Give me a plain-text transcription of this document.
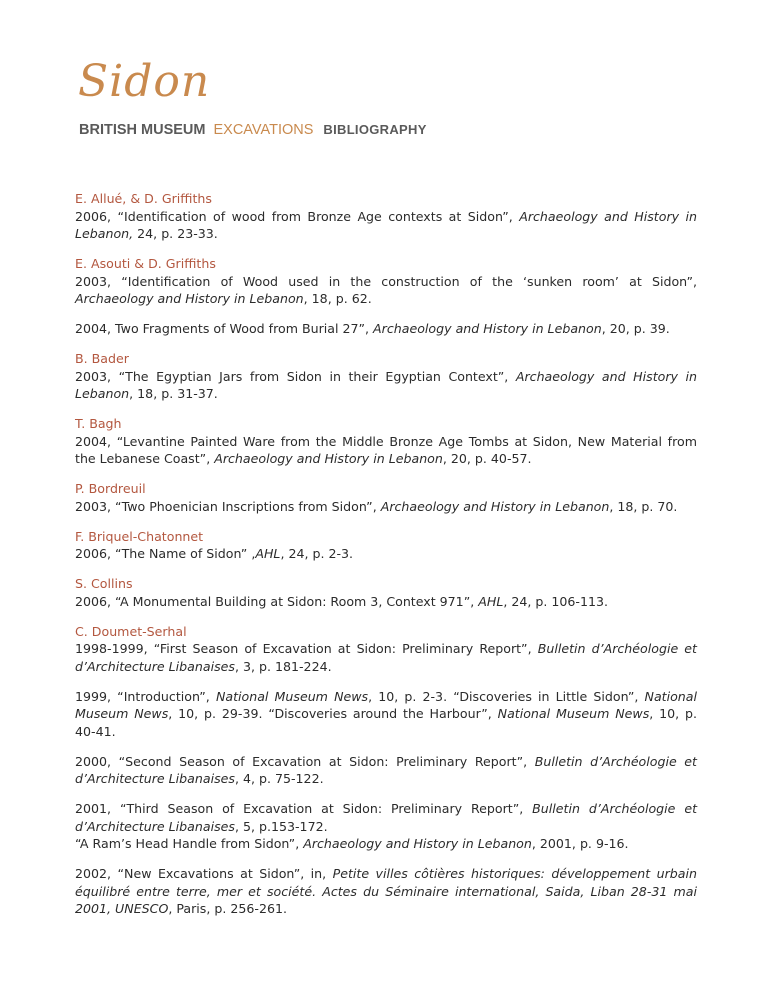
Sidon
BRITISH MUSEUM EXCAVATIONS BIBLIOGRAPHY
E. Allué, & D. Griffiths
2006, “Identification of wood from Bronze Age contexts at Sidon”, Archaeology and History in Lebanon, 24, p. 23-33.
E. Asouti & D. Griffiths
2003, “Identification of Wood used in the construction of the ‘sunken room’ at Sidon”, Archaeology and History in Lebanon, 18, p. 62.
2004, Two Fragments of Wood from Burial 27”, Archaeology and History in Lebanon, 20, p. 39.
B. Bader
2003, “The Egyptian Jars from Sidon in their Egyptian Context”, Archaeology and History in Lebanon, 18, p. 31-37.
T. Bagh
2004, “Levantine Painted Ware from the Middle Bronze Age Tombs at Sidon, New Material from the Lebanese Coast”, Archaeology and History in Lebanon, 20, p. 40-57.
P. Bordreuil
2003, “Two Phoenician Inscriptions from Sidon”, Archaeology and History in Lebanon, 18, p. 70.
F. Briquel-Chatonnet
2006, “The Name of Sidon” ,AHL, 24, p. 2-3.
S. Collins
2006, “A Monumental Building at Sidon: Room 3, Context 971”, AHL, 24, p. 106-113.
C. Doumet-Serhal
1998-1999, “First Season of Excavation at Sidon: Preliminary Report”, Bulletin d’Archéologie et d’Architecture Libanaises, 3, p. 181-224.
1999, “Introduction”, National Museum News, 10, p. 2-3. “Discoveries in Little Sidon”, National Museum News, 10, p. 29-39. “Discoveries around the Harbour”, National Museum News, 10, p. 40-41.
2000, “Second Season of Excavation at Sidon: Preliminary Report”, Bulletin d’Archéologie et d’Architecture Libanaises, 4, p. 75-122.
2001, “Third Season of Excavation at Sidon: Preliminary Report”, Bulletin d’Archéologie et d’Architecture Libanaises, 5, p.153-172.
“A Ram’s Head Handle from Sidon”, Archaeology and History in Lebanon, 2001, p. 9-16.
2002, “New Excavations at Sidon”, in, Petite villes côtières historiques: développement urbain équilibré entre terre, mer et société. Actes du Séminaire international, Saida, Liban 28-31 mai 2001, UNESCO, Paris, p. 256-261.
